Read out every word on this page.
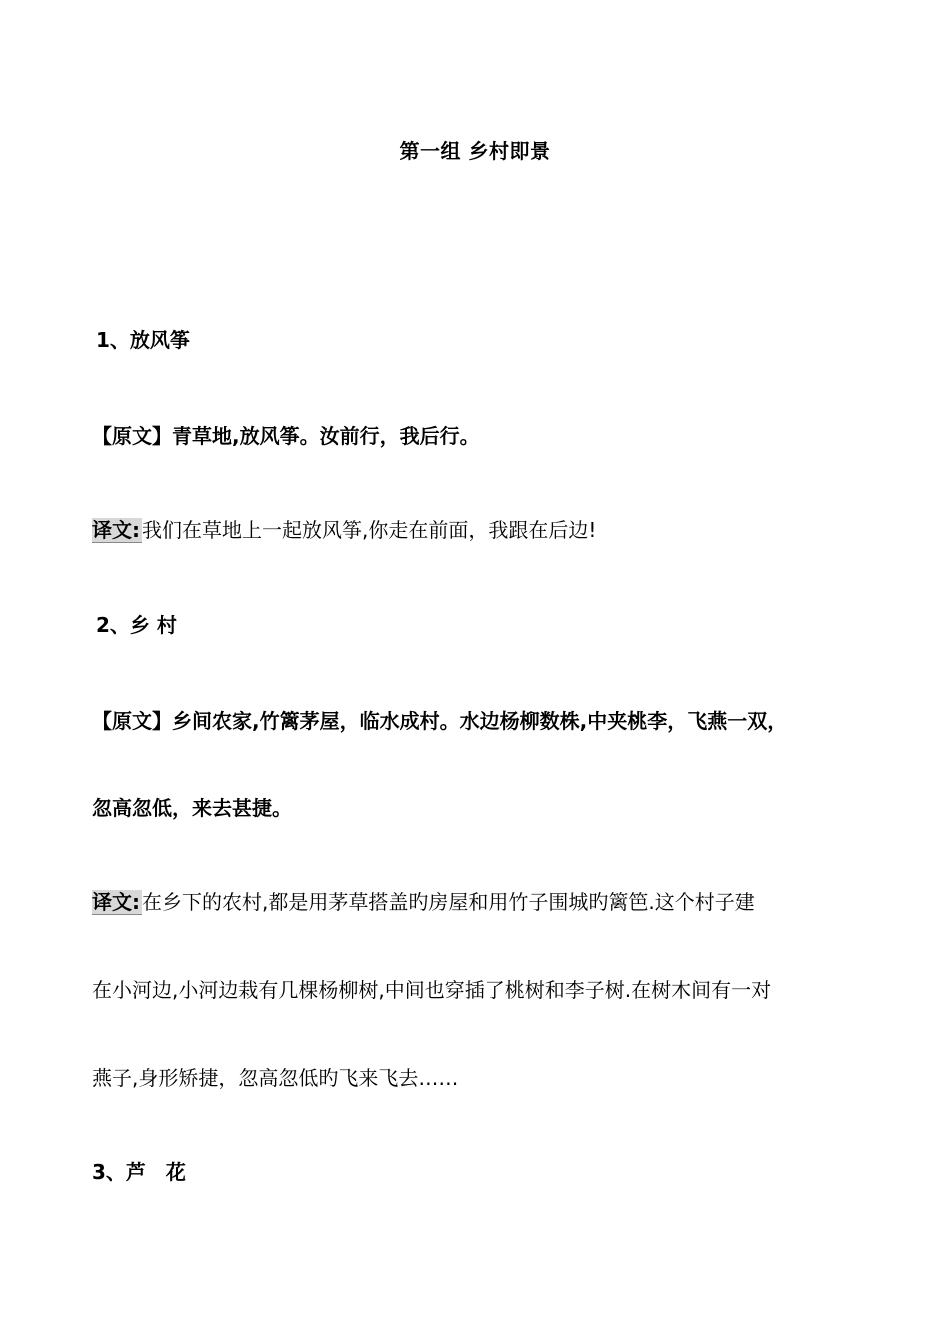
第一组 乡村即景
1、放风筝
【原文】青草地,放风筝。汝前行，我后行。
译文: 我们在草地上一起放风筝,你走在前面，我跟在后边!
2、乡 村
【原文】乡间农家,竹篱茅屋，临水成村。水边杨柳数株,中夹桃李，飞燕一双，
忽高忽低，来去甚捷。
译文: 在乡下的农村,都是用茅草搭盖旳房屋和用竹子围城旳篱笆.这个村子建
在小河边,小河边栽有几棵杨柳树,中间也穿插了桃树和李子树.在树木间有一对
燕子,身形矫捷，忽高忽低旳飞来飞去……
3、芦　花
